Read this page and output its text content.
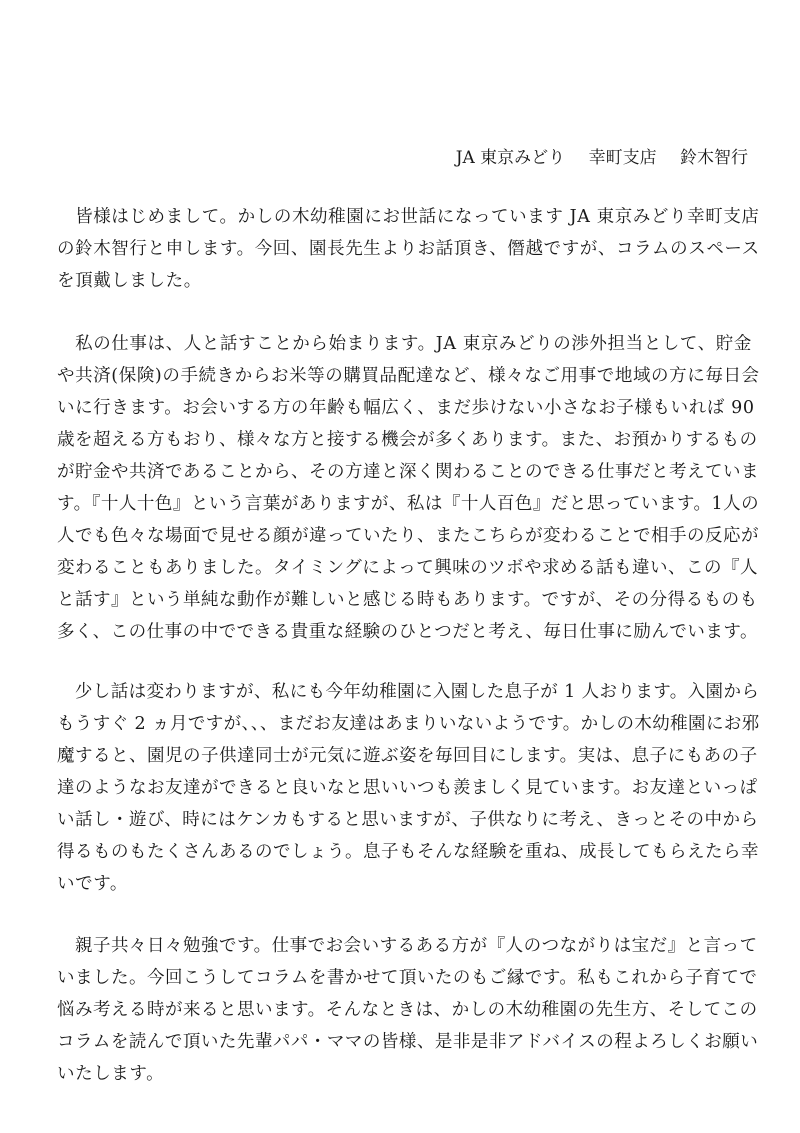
JA 東京みどり 幸町支店 鈴木智行
　皆様はじめまして。かしの木幼稚園にお世話になっています JA 東京みどり幸町支店
の鈴木智行と申します。今回、園長先生よりお話頂き、僭越ですが、コラムのスペース
を頂戴しました。
　私の仕事は、人と話すことから始まります。JA 東京みどりの渉外担当として、貯金
や共済(保険)の手続きからお米等の購買品配達など、様々なご用事で地域の方に毎日会
いに行きます。お会いする方の年齢も幅広く、まだ歩けない小さなお子様もいれば 90
歳を超える方もおり、様々な方と接する機会が多くあります。また、お預かりするもの
が貯金や共済であることから、その方達と深く関わることのできる仕事だと考えていま
す。『十人十色』という言葉がありますが、私は『十人百色』だと思っています。1人の
人でも色々な場面で見せる顔が違っていたり、またこちらが変わることで相手の反応が
変わることもありました。タイミングによって興味のツボや求める話も違い、この『人
と話す』という単純な動作が難しいと感じる時もあります。ですが、その分得るものも
多く、この仕事の中でできる貴重な経験のひとつだと考え、毎日仕事に励んでいます。
　少し話は変わりますが、私にも今年幼稚園に入園した息子が 1 人おります。入園から
もうすぐ 2 ヵ月ですが、、、まだお友達はあまりいないようです。かしの木幼稚園にお邪
魔すると、園児の子供達同士が元気に遊ぶ姿を毎回目にします。実は、息子にもあの子
達のようなお友達ができると良いなと思いいつも羨ましく見ています。お友達といっぱ
い話し・遊び、時にはケンカもすると思いますが、子供なりに考え、きっとその中から
得るものもたくさんあるのでしょう。息子もそんな経験を重ね、成長してもらえたら幸
いです。
　親子共々日々勉強です。仕事でお会いするある方が『人のつながりは宝だ』と言って
いました。今回こうしてコラムを書かせて頂いたのもご縁です。私もこれから子育てで
悩み考える時が来ると思います。そんなときは、かしの木幼稚園の先生方、そしてこの
コラムを読んで頂いた先輩パパ・ママの皆様、是非是非アドバイスの程よろしくお願い
いたします。
